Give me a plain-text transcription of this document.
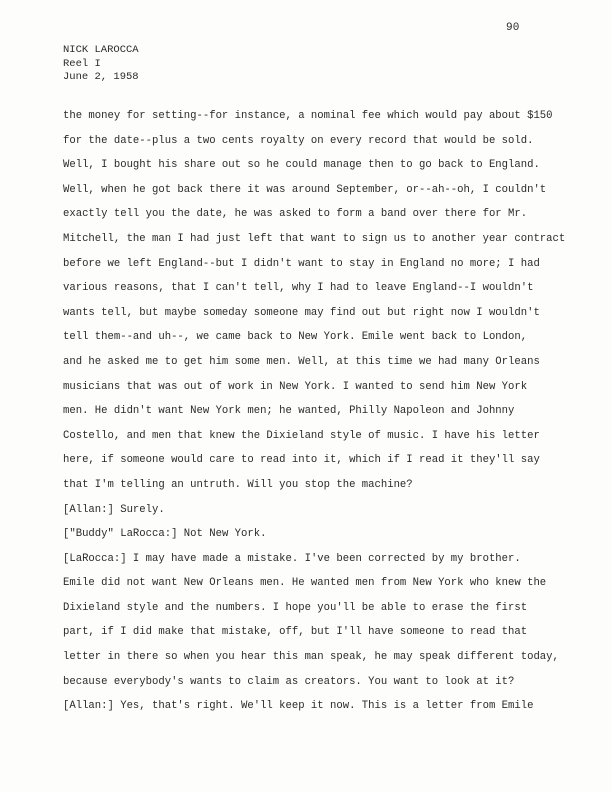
90
NICK LAROCCA
Reel I
June 2, 1958
the money for setting--for instance, a nominal fee which would pay about $150
for the date--plus a two cents royalty on every record that would be sold.
Well, I bought his share out so he could manage then to go back to England.
Well, when he got back there it was around September, or--ah--oh, I couldn't
exactly tell you the date, he was asked to form a band over there for Mr.
Mitchell, the man I had just left that want to sign us to another year contract
before we left England--but I didn't want to stay in England no more; I had
various reasons, that I can't tell, why I had to leave England--I wouldn't
wants tell, but maybe someday someone may find out but right now I wouldn't
tell them--and uh--, we came back to New York. Emile went back to London,
and he asked me to get him some men. Well, at this time we had many Orleans
musicians that was out of work in New York. I wanted to send him New York
men. He didn't want New York men; he wanted, Philly Napoleon and Johnny
Costello, and men that knew the Dixieland style of music. I have his letter
here, if someone would care to read into it, which if I read it they'll say
that I'm telling an untruth. Will you stop the machine?
[Allan:] Surely.
["Buddy" LaRocca:] Not New York.
[LaRocca:] I may have made a mistake. I've been corrected by my brother.
Emile did not want New Orleans men. He wanted men from New York who knew the
Dixieland style and the numbers. I hope you'll be able to erase the first
part, if I did make that mistake, off, but I'll have someone to read that
letter in there so when you hear this man speak, he may speak different today,
because everybody's wants to claim as creators. You want to look at it?
[Allan:] Yes, that's right. We'll keep it now. This is a letter from Emile
